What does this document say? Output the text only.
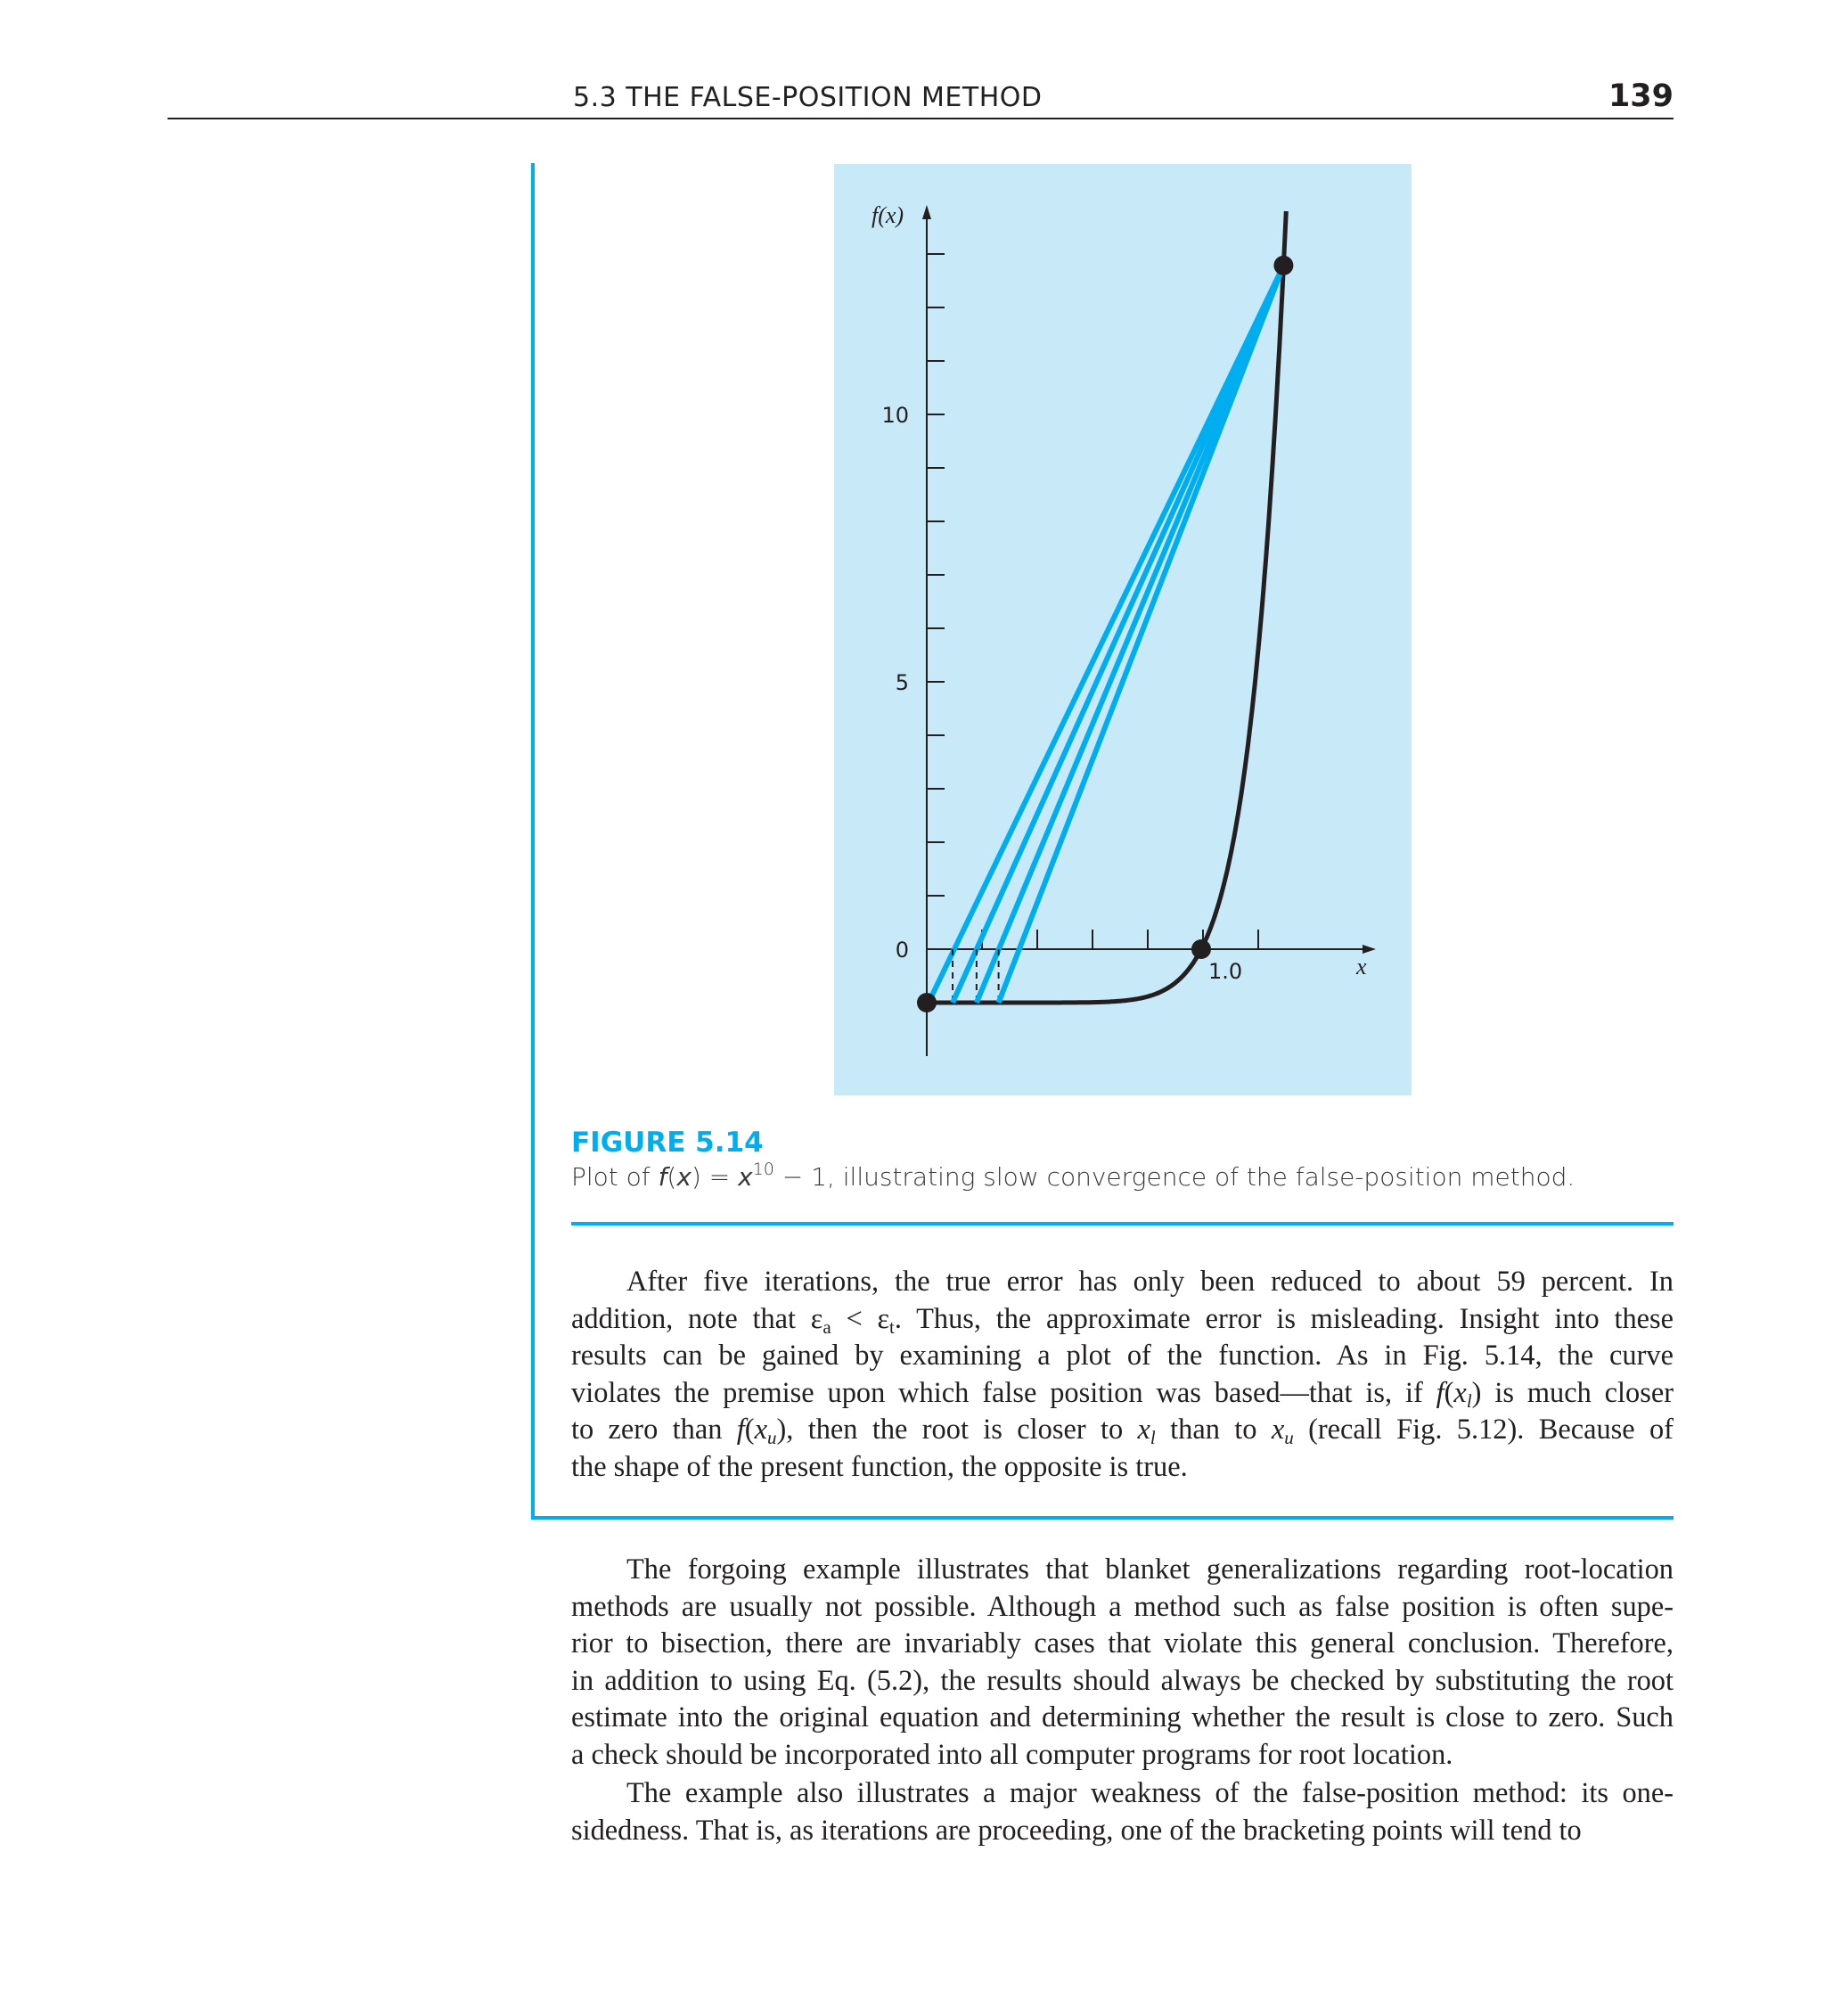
5.3 THE FALSE-POSITION METHOD	139
0
5
10
1.0
f(x)
x
FIGURE 5.14
Plot of $f(x) = x^{10} - 1$, illustrating slow convergence of the false-position method.
After five iterations, the true error has only been reduced to about 59 percent. In
addition, note that $\varepsilon_a < \varepsilon_t$. Thus, the approximate error is misleading. Insight into these
results can be gained by examining a plot of the function. As in Fig. 5.14, the curve
violates the premise upon which false position was based—that is, if $f(x_l)$ is much closer
to zero than $f(x_u)$, then the root is closer to $x_l$ than to $x_u$ (recall Fig. 5.12). Because of
the shape of the present function, the opposite is true.
The forgoing example illustrates that blanket generalizations regarding root-location
methods are usually not possible. Although a method such as false position is often supe-
rior to bisection, there are invariably cases that violate this general conclusion. Therefore,
in addition to using Eq. (5.2), the results should always be checked by substituting the root
estimate into the original equation and determining whether the result is close to zero. Such
a check should be incorporated into all computer programs for root location.
The example also illustrates a major weakness of the false-position method: its one-
sidedness. That is, as iterations are proceeding, one of the bracketing points will tend to
